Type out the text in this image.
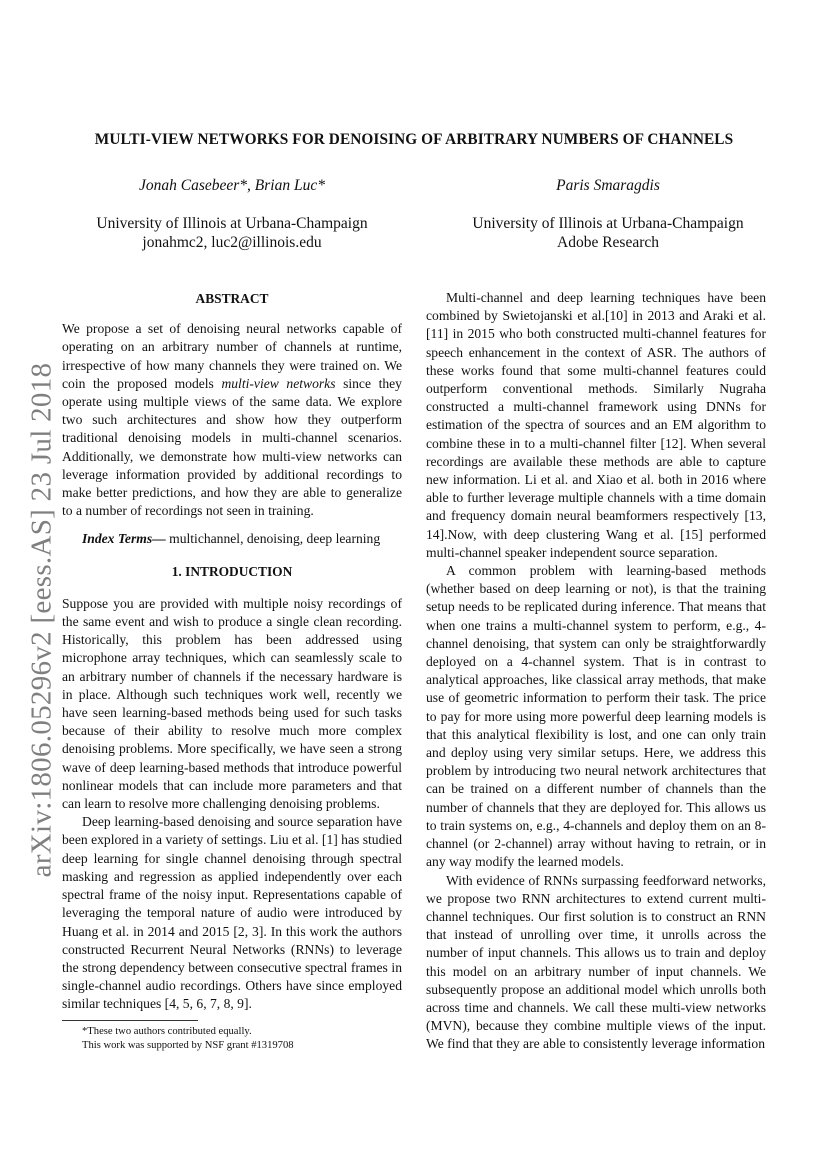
arXiv:1806.05296v2 [eess.AS] 23 Jul 2018
MULTI-VIEW NETWORKS FOR DENOISING OF ARBITRARY NUMBERS OF CHANNELS
Jonah Casebeer*, Brian Luc*
University of Illinois at Urbana-Champaign
jonahmc2, luc2@illinois.edu
Paris Smaragdis
University of Illinois at Urbana-Champaign
Adobe Research
ABSTRACT

We propose a set of denoising neural networks capable of operating on an arbitrary number of channels at runtime, irrespective of how many channels they were trained on. We coin the proposed models multi-view networks since they operate using multiple views of the same data. We explore two such architectures and show how they outperform traditional denoising models in multi-channel scenarios. Additionally, we demonstrate how multi-view networks can leverage information provided by additional recordings to make better predictions, and how they are able to generalize to a number of recordings not seen in training.

Index Terms— multichannel, denoising, deep learning

1. INTRODUCTION

Suppose you are provided with multiple noisy recordings of the same event and wish to produce a single clean recording. Historically, this problem has been addressed using microphone array techniques, which can seamlessly scale to an arbitrary number of channels if the necessary hardware is in place. Although such techniques work well, recently we have seen learning-based methods being used for such tasks because of their ability to resolve much more complex denoising problems. More specifically, we have seen a strong wave of deep learning-based methods that introduce powerful nonlinear models that can include more parameters and that can learn to resolve more challenging denoising problems.

Deep learning-based denoising and source separation have been explored in a variety of settings. Liu et al. [1] has studied deep learning for single channel denoising through spectral masking and regression as applied independently over each spectral frame of the noisy input. Representations capable of leveraging the temporal nature of audio were introduced by Huang et al. in 2014 and 2015 [2, 3]. In this work the authors constructed Recurrent Neural Networks (RNNs) to leverage the strong dependency between consecutive spectral frames in single-channel audio recordings. Others have since employed similar techniques [4, 5, 6, 7, 8, 9].

*These two authors contributed equally.
This work was supported by NSF grant #1319708

Multi-channel and deep learning techniques have been combined by Swietojanski et al.[10] in 2013 and Araki et al.[11] in 2015 who both constructed multi-channel features for speech enhancement in the context of ASR. The authors of these works found that some multi-channel features could outperform conventional methods. Similarly Nugraha constructed a multi-channel framework using DNNs for estimation of the spectra of sources and an EM algorithm to combine these in to a multi-channel filter [12]. When several recordings are available these methods are able to capture new information. Li et al. and Xiao et al. both in 2016 where able to further leverage multiple channels with a time domain and frequency domain neural beamformers respectively [13, 14].Now, with deep clustering Wang et al. [15] performed multi-channel speaker independent source separation.

A common problem with learning-based methods (whether based on deep learning or not), is that the training setup needs to be replicated during inference. That means that when one trains a multi-channel system to perform, e.g., 4-channel denoising, that system can only be straightforwardly deployed on a 4-channel system. That is in contrast to analytical approaches, like classical array methods, that make use of geometric information to perform their task. The price to pay for more using more powerful deep learning models is that this analytical flexibility is lost, and one can only train and deploy using very similar setups. Here, we address this problem by introducing two neural network architectures that can be trained on a different number of channels than the number of channels that they are deployed for. This allows us to train systems on, e.g., 4-channels and deploy them on an 8-channel (or 2-channel) array without having to retrain, or in any way modify the learned models.

With evidence of RNNs surpassing feedforward networks, we propose two RNN architectures to extend current multi-channel techniques. Our first solution is to construct an RNN that instead of unrolling over time, it unrolls across the number of input channels. This allows us to train and deploy this model on an arbitrary number of input channels. We subsequently propose an additional model which unrolls both across time and channels. We call these multi-view networks (MVN), because they combine multiple views of the input. We find that they are able to consistently leverage information
